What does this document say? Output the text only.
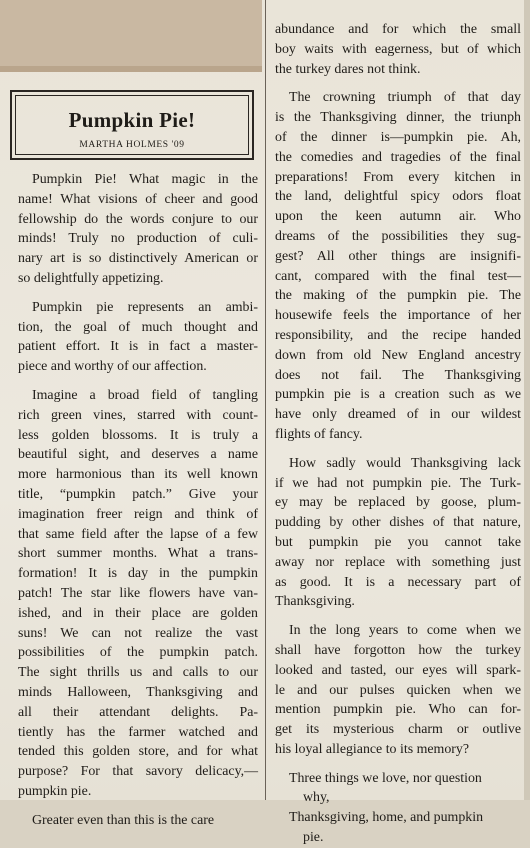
Pumpkin Pie!
MARTHA HOLMES '09

Pumpkin Pie! What magic in the
name! What visions of cheer and good
fellowship do the words conjure to our
minds! Truly no production of culi-
nary art is so distinctively American or
so delightfully appetizing.

Pumpkin pie represents an ambi-
tion, the goal of much thought and
patient effort. It is in fact a master-
piece and worthy of our affection.

Imagine a broad field of tangling
rich green vines, starred with count-
less golden blossoms. It is truly a
beautiful sight, and deserves a name
more harmonious than its well known
title, “pumpkin patch.” Give your
imagination freer reign and think of
that same field after the lapse of a few
short summer months. What a trans-
formation! It is day in the pumpkin
patch! The star like flowers have van-
ished, and in their place are golden
suns! We can not realize the vast
possibilities of the pumpkin patch.
The sight thrills us and calls to our
minds Halloween, Thanksgiving and
all their attendant delights. Pa-
tiently has the farmer watched and
tended this golden store, and for what
purpose? For that savory delicacy,—
pumpkin pie.

Greater even than this is the care

abundance and for which the small
boy waits with eagerness, but of which
the turkey dares not think.

The crowning triumph of that day
is the Thanksgiving dinner, the triunph
of the dinner is—pumpkin pie. Ah,
the comedies and tragedies of the final
preparations! From every kitchen in
the land, delightful spicy odors float
upon the keen autumn air. Who
dreams of the possibilities they sug-
gest? All other things are insignifi-
cant, compared with the final test—
the making of the pumpkin pie. The
housewife feels the importance of her
responsibility, and the recipe handed
down from old New England ancestry
does not fail. The Thanksgiving
pumpkin pie is a creation such as we
have only dreamed of in our wildest
flights of fancy.

How sadly would Thanksgiving lack
if we had not pumpkin pie. The Turk-
ey may be replaced by goose, plum-
pudding by other dishes of that nature,
but pumpkin pie you cannot take
away nor replace with something just
as good. It is a necessary part of
Thanksgiving.

In the long years to come when we
shall have forgotton how the turkey
looked and tasted, our eyes will spark-
le and our pulses quicken when we
mention pumpkin pie. Who can for-
get its mysterious charm or outlive
his loyal allegiance to its memory?

Three things we love, nor question
why,
Thanksgiving, home, and pumpkin
pie.
